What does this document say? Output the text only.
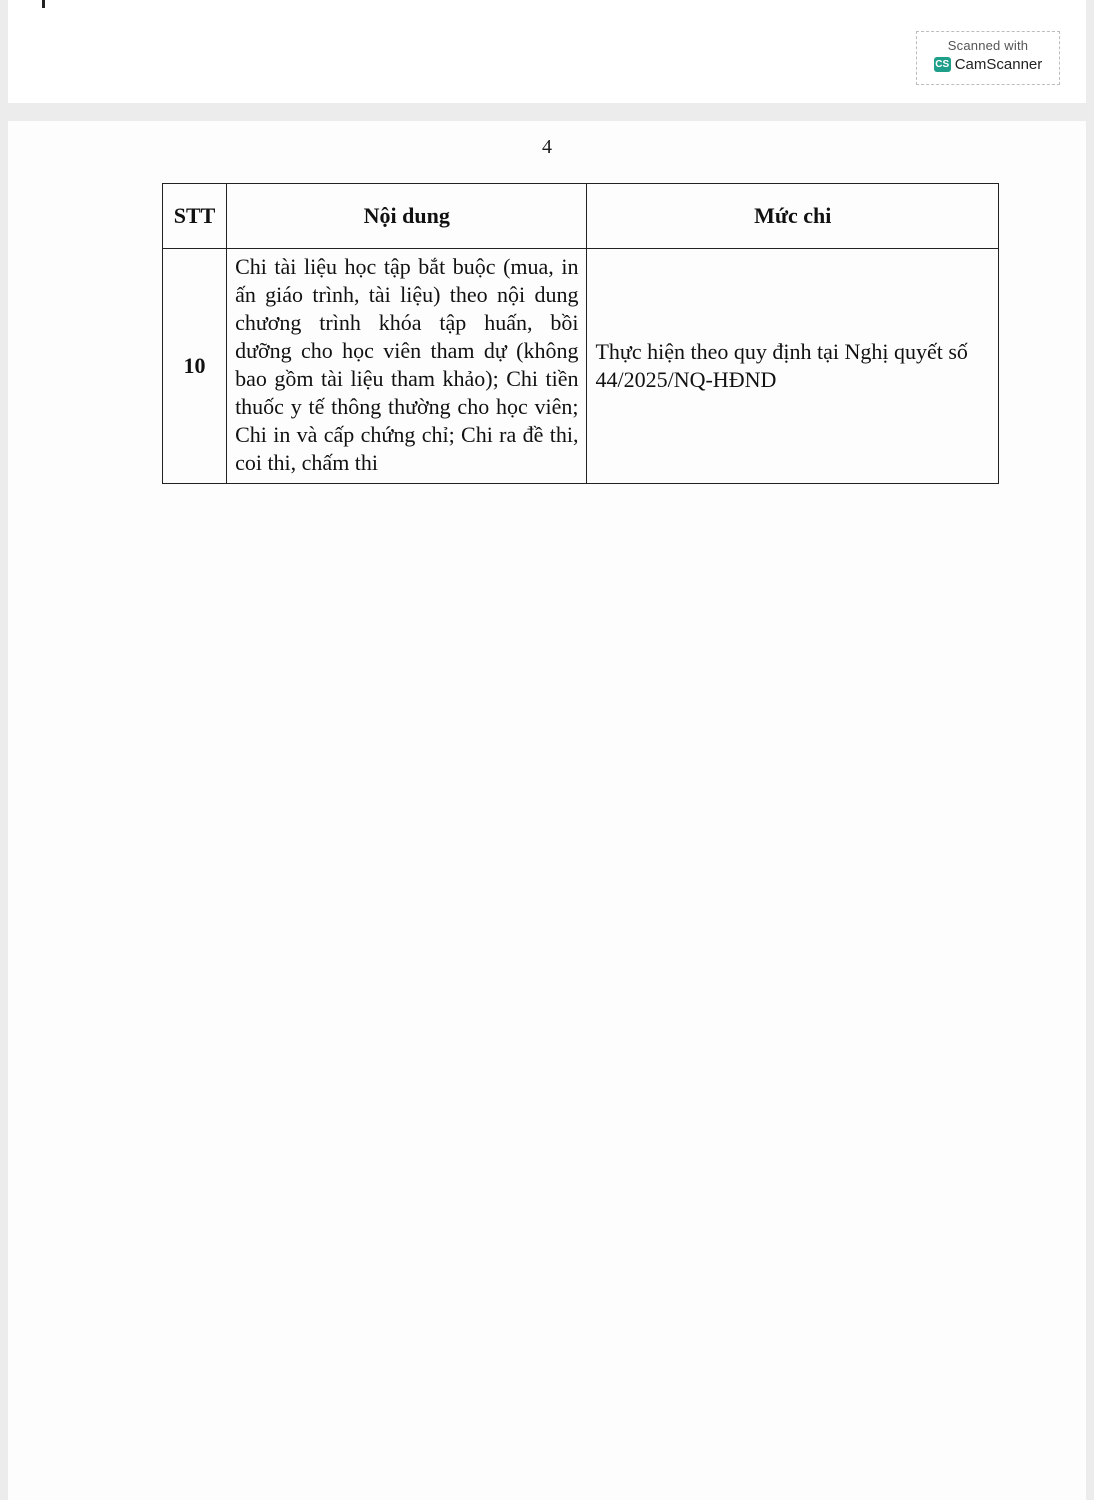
Scanned with
CS CamScanner
4
STT	Nội dung	Mức chi
10	Chi tài liệu học tập bắt buộc (mua, in ấn giáo trình, tài liệu) theo nội dung chương trình khóa tập huấn, bồi dưỡng cho học viên tham dự (không bao gồm tài liệu tham khảo); Chi tiền thuốc y tế thông thường cho học viên; Chi in và cấp chứng chỉ; Chi ra đề thi, coi thi, chấm thi	Thực hiện theo quy định tại Nghị quyết số 44/2025/NQ-HĐND
